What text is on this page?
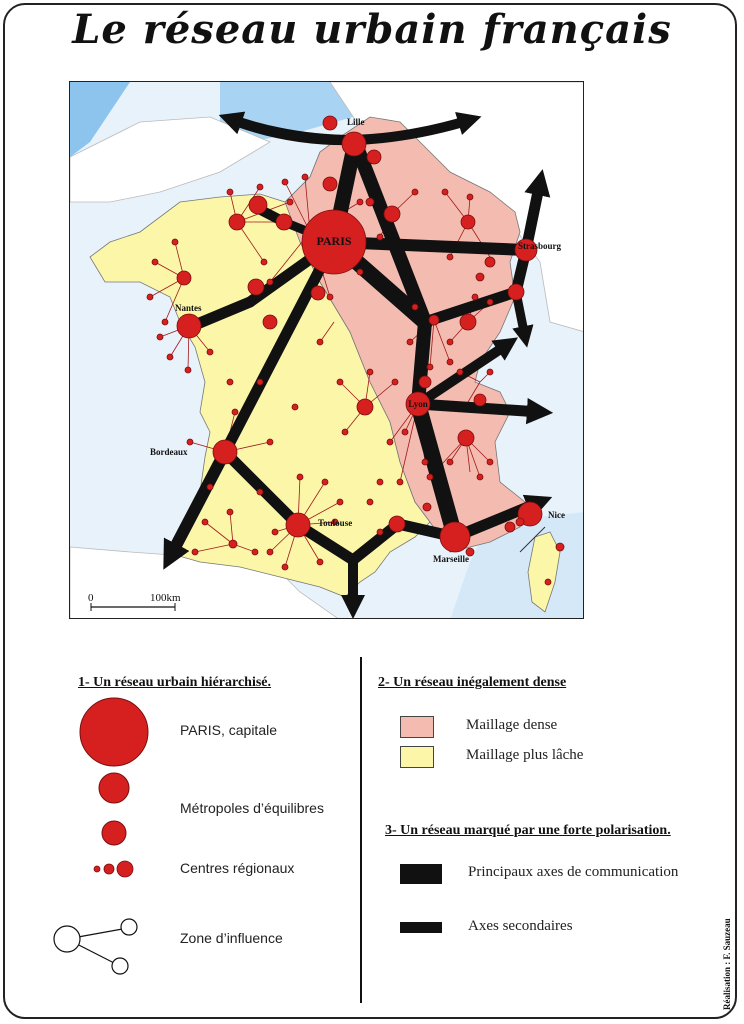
Le réseau urbain français
PARIS
Lille
Strasbourg
Nantes
Lyon
Bordeaux
Toulouse
Marseille
Nice
0	100km
1- Un réseau urbain hiérarchisé.
PARIS, capitale
Métropoles d’équilibres
Centres régionaux
Zone d’influence
2- Un réseau inégalement dense
Maillage dense
Maillage plus lâche
3- Un réseau marqué par une forte polarisation.
Principaux axes de communication
Axes secondaires	Réalisation : F. Sauzeau
